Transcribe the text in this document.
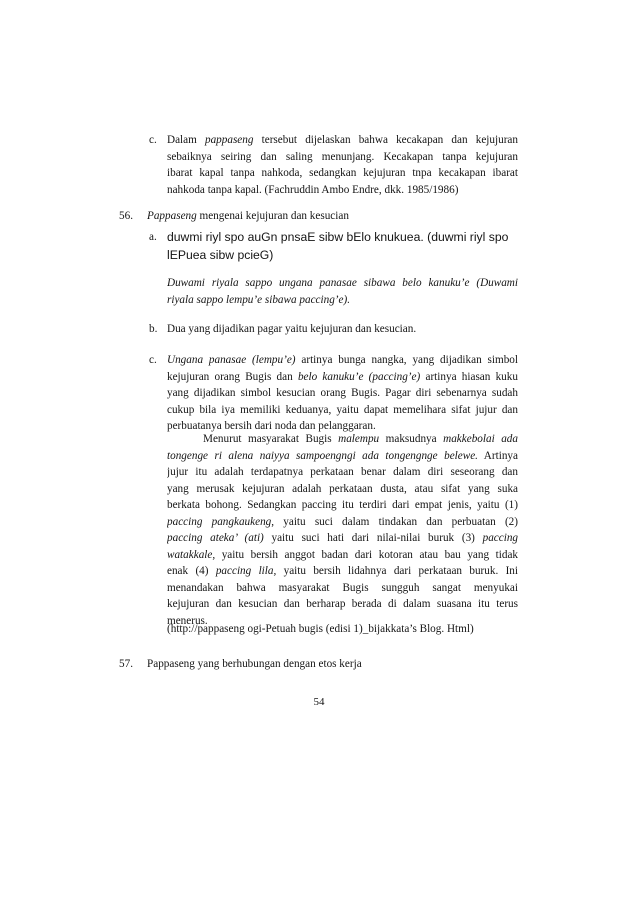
c. Dalam pappaseng tersebut dijelaskan bahwa kecakapan dan kejujuran
sebaiknya seiring dan saling menunjang. Kecakapan tanpa kejujuran
ibarat kapal tanpa nahkoda, sedangkan kejujuran tnpa kecakapan ibarat
nahkoda tanpa kapal. (Fachruddin Ambo Endre, dkk. 1985/1986)
56. Pappaseng mengenai kejujuran dan kesucian
a. duwmi riyl spo auGn pnsaE sibw bElo knukuea. (duwmi riyl spo
lEPuea sibw pcieG)
Duwami riyala sappo ungana panasae sibawa belo kanuku’e (Duwami
riyala sappo lempu’e sibawa paccing’e).
b. Dua yang dijadikan pagar yaitu kejujuran dan kesucian.
c. Ungana panasae (lempu’e) artinya bunga nangka, yang dijadikan simbol
kejujuran orang Bugis dan belo kanuku’e (paccing’e) artinya hiasan kuku
yang dijadikan simbol kesucian orang Bugis. Pagar diri sebenarnya sudah
cukup bila iya memiliki keduanya, yaitu dapat memelihara sifat jujur dan
perbuatanya bersih dari noda dan pelanggaran.
Menurut masyarakat Bugis malempu maksudnya makkebolai ada
tongenge ri alena naiyya sampoengngi ada tongengnge belewe. Artinya
jujur itu adalah terdapatnya perkataan benar dalam diri seseorang dan
yang merusak kejujuran adalah perkataan dusta, atau sifat yang suka
berkata bohong. Sedangkan paccing itu terdiri dari empat jenis, yaitu (1)
paccing pangkaukeng, yaitu suci dalam tindakan dan perbuatan (2)
paccing ateka’ (ati) yaitu suci hati dari nilai-nilai buruk (3) paccing
watakkale, yaitu bersih anggot badan dari kotoran atau bau yang tidak
enak (4) paccing lila, yaitu bersih lidahnya dari perkataan buruk. Ini
menandakan bahwa masyarakat Bugis sungguh sangat menyukai
kejujuran dan kesucian dan berharap berada di dalam suasana itu terus
menerus.
(http://pappaseng ogi-Petuah bugis (edisi 1)_bijakkata’s Blog. Html)
57. Pappaseng yang berhubungan dengan etos kerja
54
